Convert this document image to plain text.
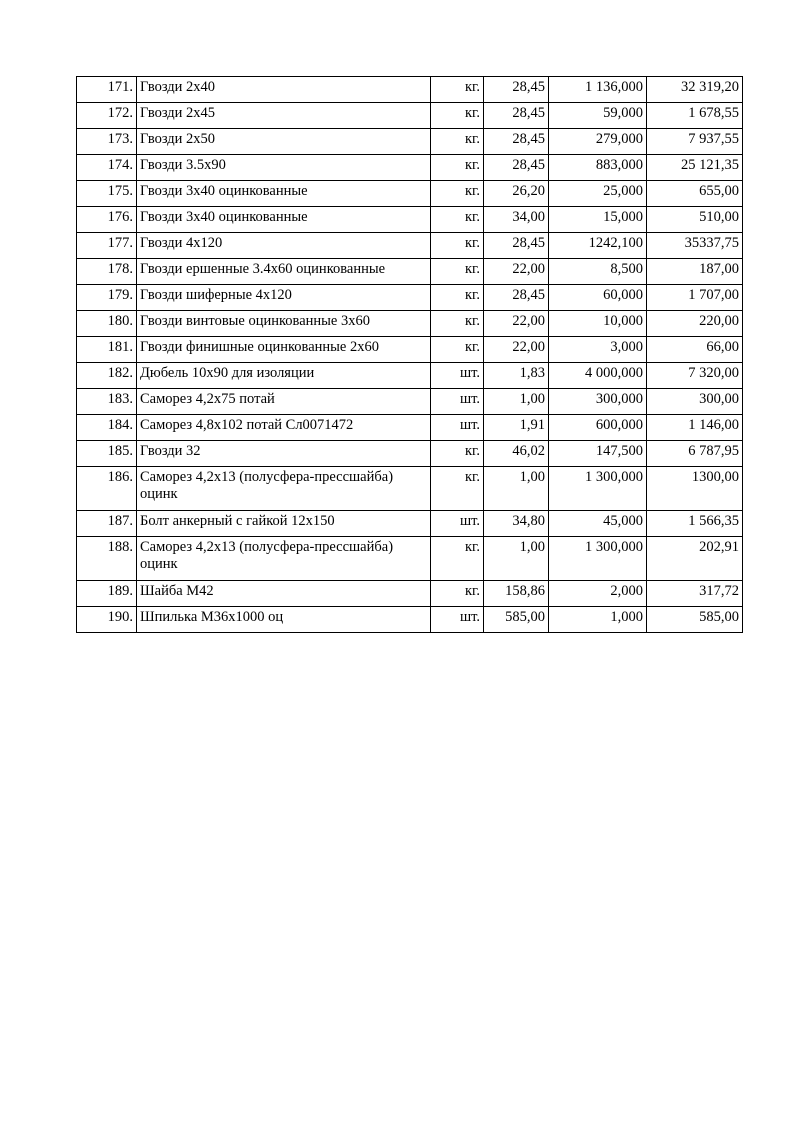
171.	Гвозди 2х40	кг.	28,45	1 136,000	32 319,20
172.	Гвозди 2х45	кг.	28,45	59,000	1 678,55
173.	Гвозди 2х50	кг.	28,45	279,000	7 937,55
174.	Гвозди 3.5х90	кг.	28,45	883,000	25 121,35
175.	Гвозди 3х40 оцинкованные	кг.	26,20	25,000	655,00
176.	Гвозди 3х40 оцинкованные	кг.	34,00	15,000	510,00
177.	Гвозди 4х120	кг.	28,45	1242,100	35337,75
178.	Гвозди ершенные 3.4х60 оцинкованные	кг.	22,00	8,500	187,00
179.	Гвозди шиферные 4х120	кг.	28,45	60,000	1 707,00
180.	Гвозди винтовые оцинкованные 3х60	кг.	22,00	10,000	220,00
181.	Гвозди финишные оцинкованные 2х60	кг.	22,00	3,000	66,00
182.	Дюбель 10х90 для изоляции	шт.	1,83	4 000,000	7 320,00
183.	Саморез 4,2х75 потай	шт.	1,00	300,000	300,00
184.	Саморез 4,8х102 потай Сл0071472	шт.	1,91	600,000	1 146,00
185.	Гвозди 32	кг.	46,02	147,500	6 787,95
186.	Саморез 4,2х13 (полусфера-прессшайба) оцинк	кг.	1,00	1 300,000	1300,00
187.	Болт анкерный с гайкой 12х150	шт.	34,80	45,000	1 566,35
188.	Саморез 4,2х13 (полусфера-прессшайба) оцинк	кг.	1,00	1 300,000	202,91
189.	Шайба М42	кг.	158,86	2,000	317,72
190.	Шпилька М36х1000 оц	шт.	585,00	1,000	585,00
